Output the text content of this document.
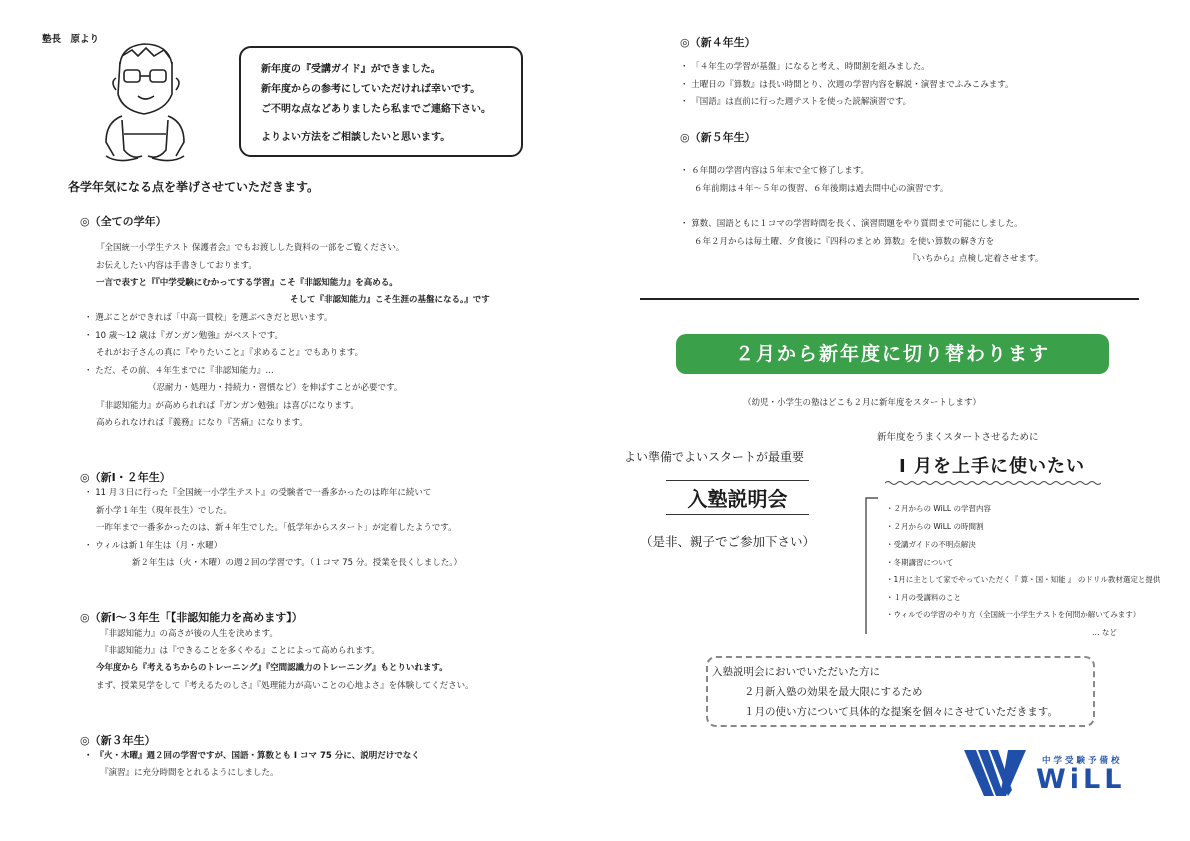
塾長　原より
新年度の『受講ガイド』ができました。
新年度からの参考にしていただければ幸いです。
ご不明な点などありましたら私までご連絡下さい。
よりよい方法をご相談したいと思います。
各学年気になる点を挙げさせていただきます。
◎（全ての学年）
『全国統一小学生テスト 保護者会』でもお渡しした資料の一部をご覧ください。
お伝えしたい内容は手書きしております。
一言で表すと『『中学受験にむかってする学習』こそ『非認知能力』を高める。
そして『非認知能力』こそ生涯の基盤になる。』です
・ 選ぶことができれば「中高一貫校」を選ぶべきだと思います。
・ 10 歳～12 歳は『ガンガン勉強』がベストです。
それがお子さんの真に『やりたいこと』『求めること』でもあります。
・ ただ、その前、４年生までに『非認知能力』…
（忍耐力・処理力・持続力・習慣など）を伸ばすことが必要です。
『非認知能力』が高められれば『ガンガン勉強』は喜びになります。
高められなければ『義務』になり『苦痛』になります。
◎（新Ⅰ・２年生）
・ 11 月３日に行った『全国統一小学生テスト』の受験者で一番多かったのは昨年に続いて
新小学１年生（現年長生）でした。
一昨年まで一番多かったのは、新４年生でした。「低学年からスタート」が定着したようです。
・ ウィルは新１年生は（月・水曜）
新２年生は（火・木曜）の週２回の学習です。（１コマ 75 分。授業を長くしました。）
◎（新Ⅰ～３年生「【非認知能力を高めます】）
『非認知能力』の高さが後の人生を決めます。
『非認知能力』は『できることを多くやる』ことによって高められます。
今年度から『考えるちからのトレーニング』『空間認識力のトレーニング』もとりいれます。
まず、授業見学をして『考えるたのしさ』『処理能力が高いことの心地よさ』を体験してください。
◎（新３年生）
・ 『火・木曜』週２回の学習ですが、国語・算数とも I コマ 75 分に、説明だけでなく
『演習』に充分時間をとれるようにしました。
◎（新４年生）
・ 「４年生の学習が基盤」になると考え、時間割を組みました。
・ 土曜日の『算数』は長い時間とり、次週の学習内容を解説・演習までふみこみます。
・ 『国語』は直前に行った週テストを使った読解演習です。
◎（新５年生）
・ ６年間の学習内容は５年末で全て修了します。
６年前期は４年～５年の復習、６年後期は過去問中心の演習です。
・ 算数、国語ともに１コマの学習時間を長く、演習問題をやり質問まで可能にしました。
６年２月からは毎土曜、夕食後に『四科のまとめ 算数』を使い算数の解き方を
『いちから』点検し定着させます。
２月から新年度に切り替わります
（幼児・小学生の塾はどこも２月に新年度をスタートします）
よい準備でよいスタートが最重要
入塾説明会
（是非、親子でご参加下さい）
新年度をうまくスタートさせるために
I 月を上手に使いたい
・２月からの WiLL の学習内容
・２月からの WiLL の時間割
・受講ガイドの不明点解決
・冬期講習について
・1月に主として家でやっていただく『 算・国・知能 』 のドリル教材選定と提供
・１月の受講料のこと
・ウィルでの学習のやり方（全国統一小学生テストを何問か解いてみます）
… など
入塾説明会においでいただいた方に
２月新入塾の効果を最大限にするため
１月の使い方について具体的な提案を個々にさせていただきます。
中学受験予備校
WiLL
